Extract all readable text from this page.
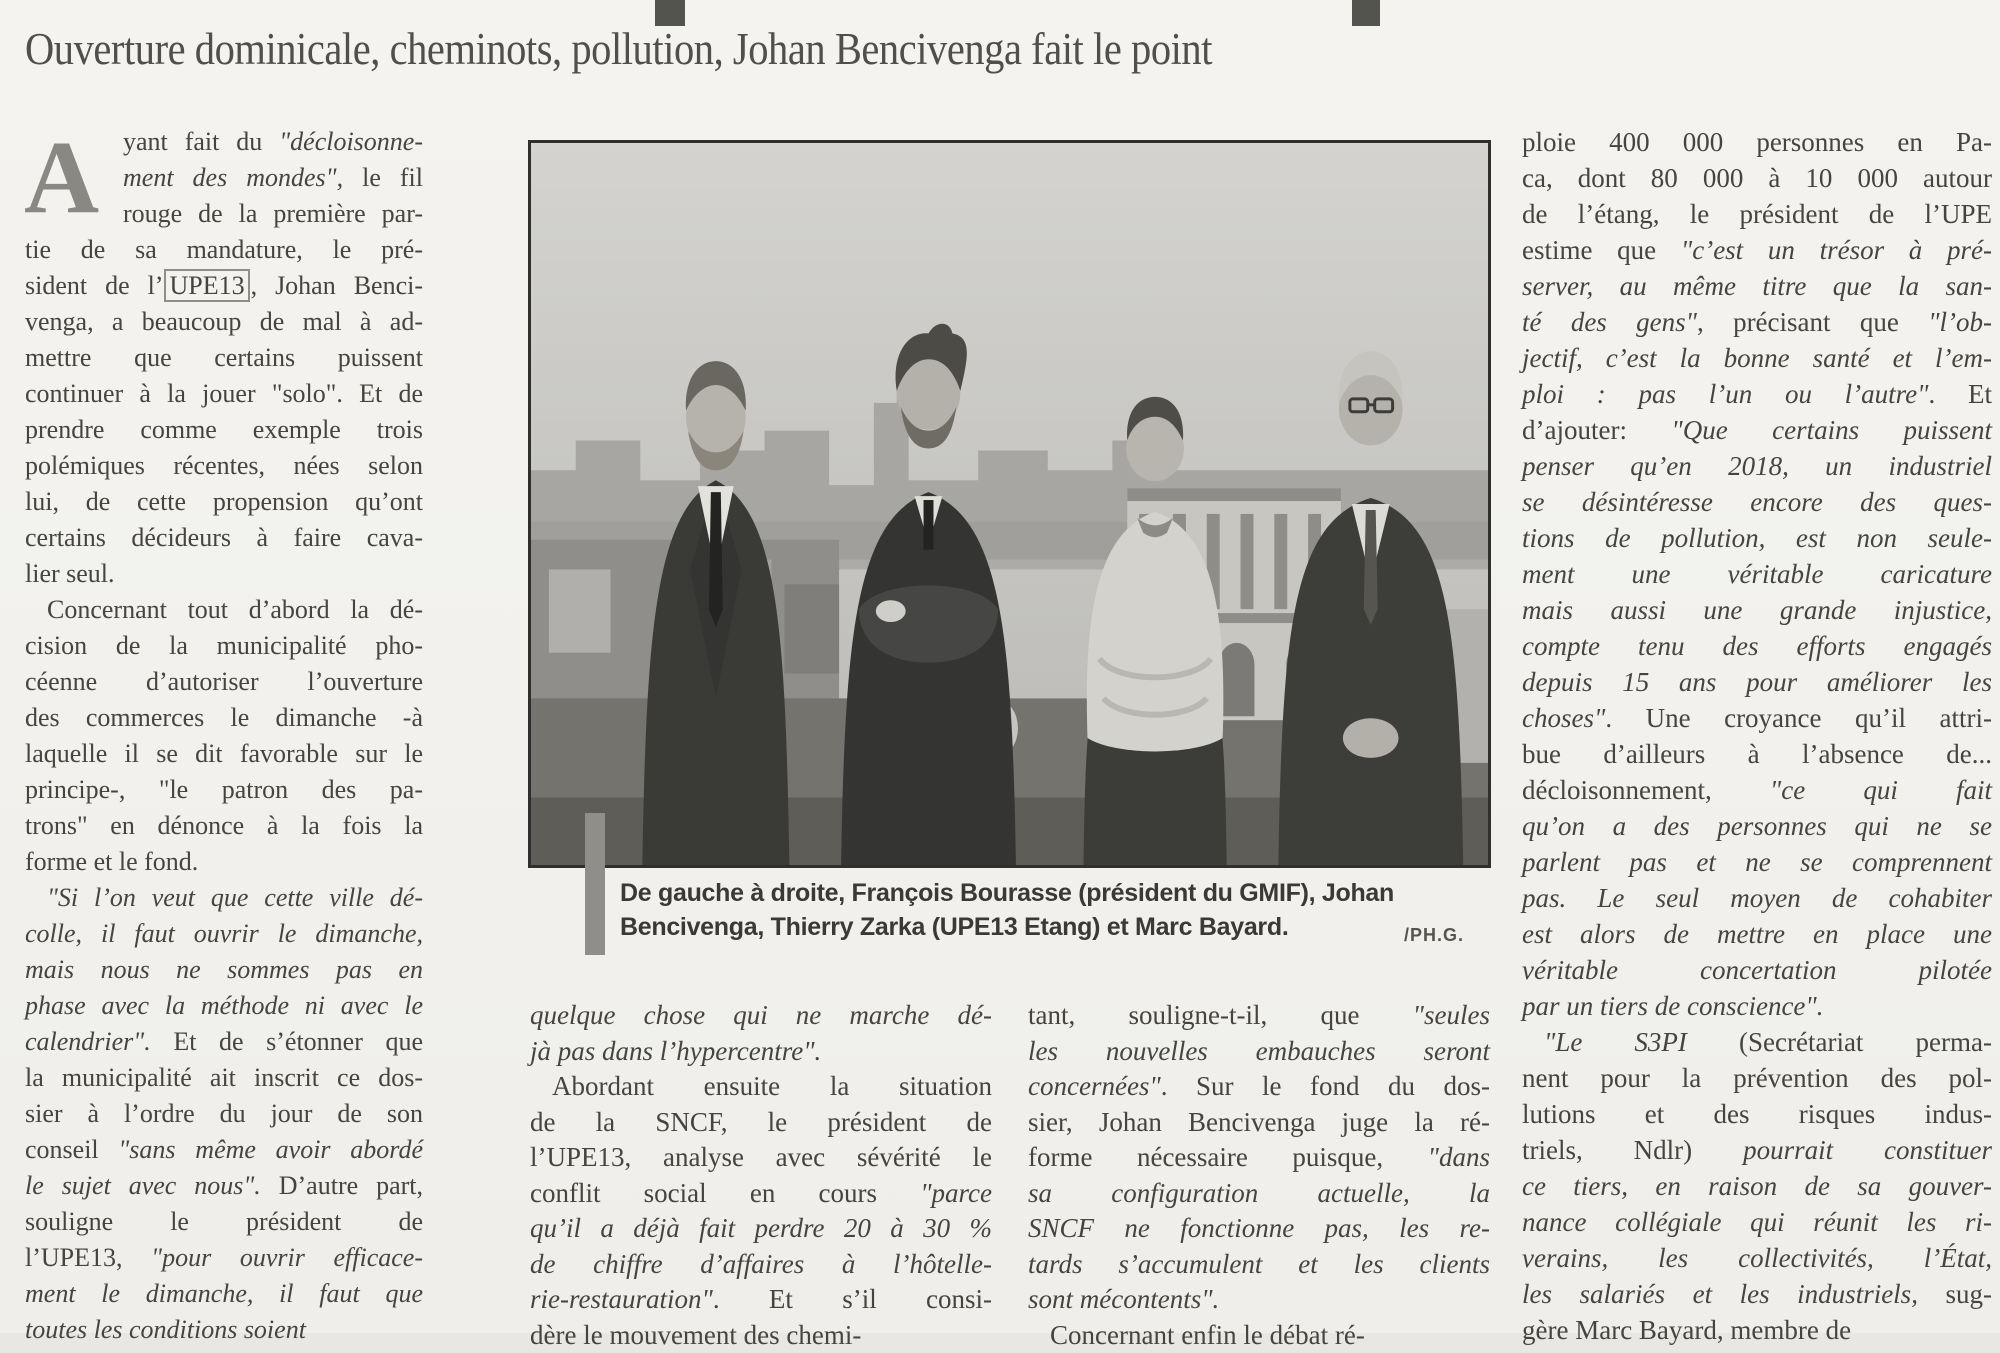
Ouverture dominicale, cheminots, pollution, Johan Bencivenga fait le point
A yant fait du "décloisonne-
ment des mondes", le fil
rouge de la première par-
tie de sa mandature, le pré-
sident de l’ UPE13 , Johan Benci-
venga, a beaucoup de mal à ad-
mettre que certains puissent
continuer à la jouer "solo". Et de
prendre comme exemple trois
polémiques récentes, nées selon
lui, de cette propension qu’ont
certains décideurs à faire cava-
lier seul.
Concernant tout d’abord la dé-
cision de la municipalité pho-
céenne d’autoriser l’ouverture
des commerces le dimanche -à
laquelle il se dit favorable sur le
principe-, "le patron des pa-
trons" en dénonce à la fois la
forme et le fond.
"Si l’on veut que cette ville dé-
colle, il faut ouvrir le dimanche,
mais nous ne sommes pas en
phase avec la méthode ni avec le
calendrier". Et de s’étonner que
la municipalité ait inscrit ce dos-
sier à l’ordre du jour de son
conseil "sans même avoir abordé
le sujet avec nous". D’autre part,
souligne le président de
l’UPE13, "pour ouvrir efficace-
ment le dimanche, il faut que
toutes les conditions soient
De gauche à droite, François Bourasse (président du GMIF), Johan
Bencivenga, Thierry Zarka (UPE13 Etang) et Marc Bayard.	/PH.G.
quelque chose qui ne marche dé-
jà pas dans l’hypercentre".
Abordant ensuite la situation
de la SNCF, le président de
l’UPE13, analyse avec sévérité le
conflit social en cours "parce
qu’il a déjà fait perdre 20 à 30 %
de chiffre d’affaires à l’hôtelle-
rie-restauration". Et s’il consi-
dère le mouvement des chemi-
tant, souligne-t-il, que "seules
les nouvelles embauches seront
concernées". Sur le fond du dos-
sier, Johan Bencivenga juge la ré-
forme nécessaire puisque, "dans
sa configuration actuelle, la
SNCF ne fonctionne pas, les re-
tards s’accumulent et les clients
sont mécontents".
Concernant enfin le débat ré-
ploie 400 000 personnes en Pa-
ca, dont 80 000 à 10 000 autour
de l’étang, le président de l’UPE
estime que "c’est un trésor à pré-
server, au même titre que la san-
té des gens", précisant que "l’ob-
jectif, c’est la bonne santé et l’em-
ploi : pas l’un ou l’autre". Et
d’ajouter: "Que certains puissent
penser qu’en 2018, un industriel
se désintéresse encore des ques-
tions de pollution, est non seule-
ment une véritable caricature
mais aussi une grande injustice,
compte tenu des efforts engagés
depuis 15 ans pour améliorer les
choses". Une croyance qu’il attri-
bue d’ailleurs à l’absence de...
décloisonnement, "ce qui fait
qu’on a des personnes qui ne se
parlent pas et ne se comprennent
pas. Le seul moyen de cohabiter
est alors de mettre en place une
véritable concertation pilotée
par un tiers de conscience".
"Le S3PI (Secrétariat perma-
nent pour la prévention des pol-
lutions et des risques indus-
triels, Ndlr) pourrait constituer
ce tiers, en raison de sa gouver-
nance collégiale qui réunit les ri-
verains, les collectivités, l’État,
les salariés et les industriels, sug-
gère Marc Bayard, membre de
